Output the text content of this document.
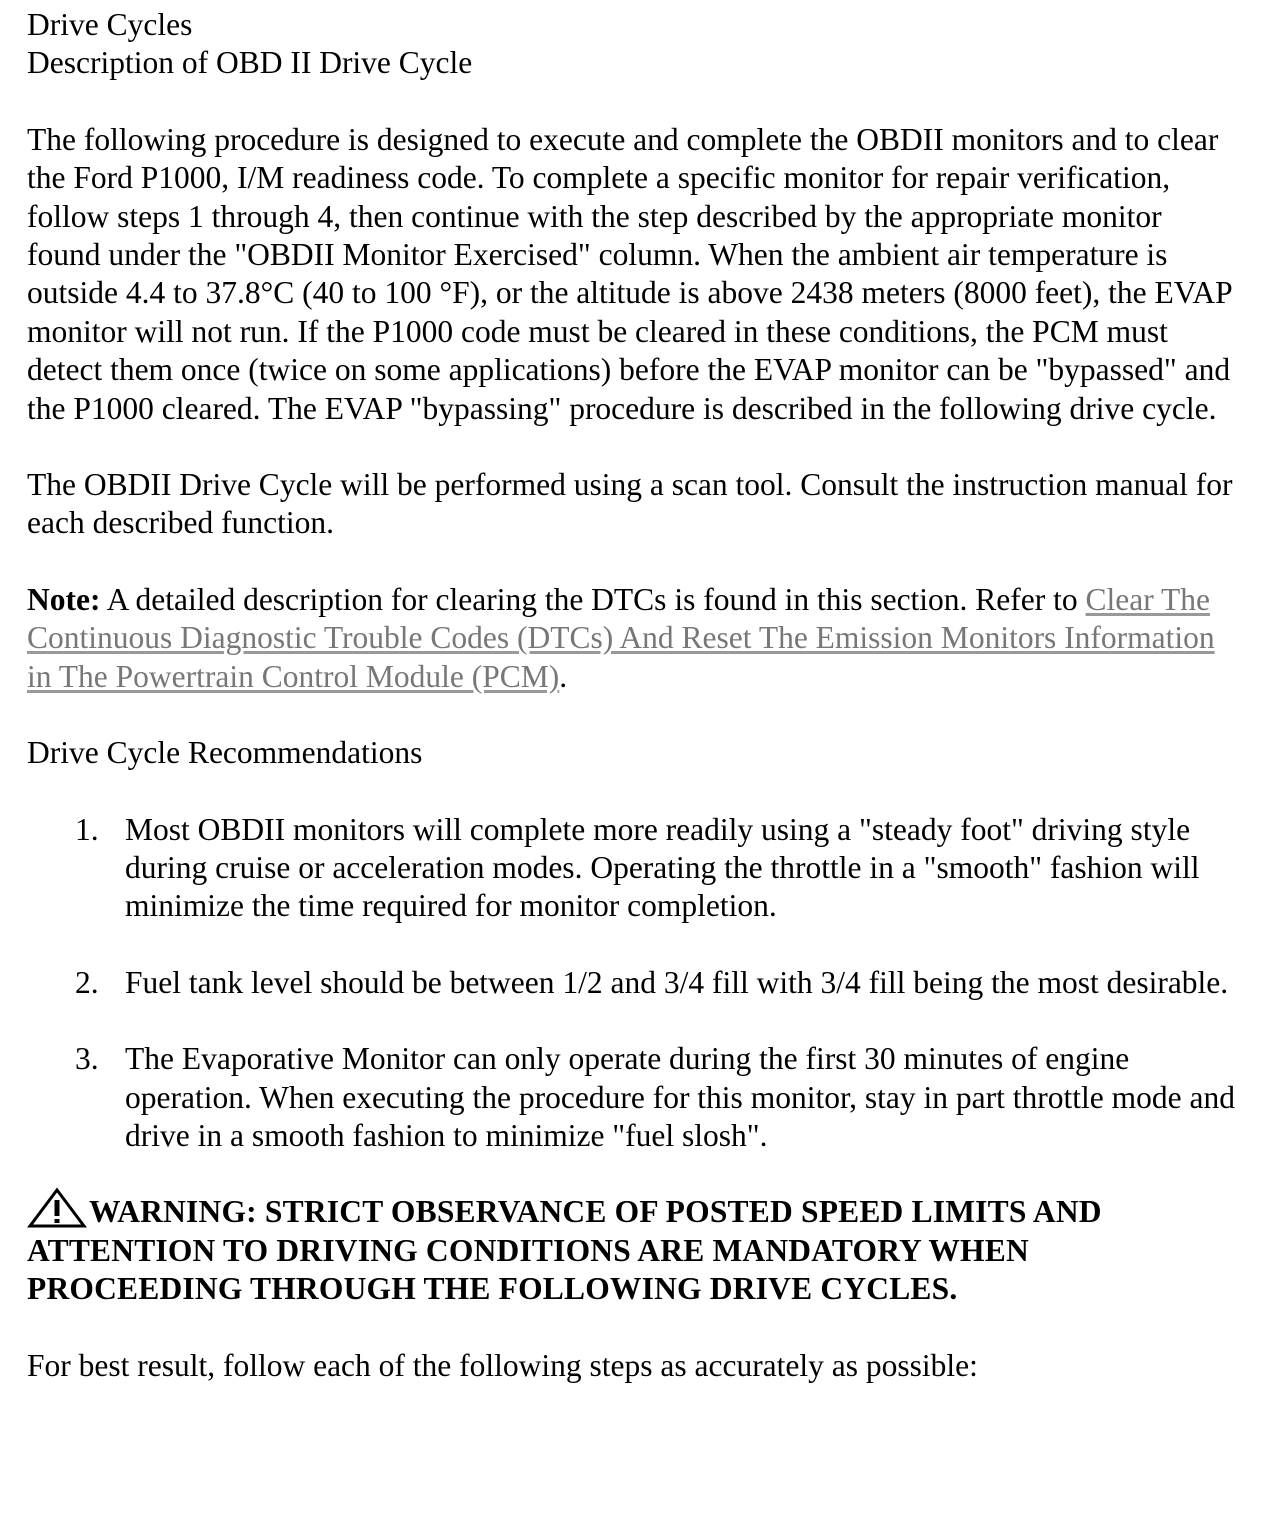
Drive Cycles

Description of OBD II Drive Cycle

The following procedure is designed to execute and complete the OBDII monitors and to clear the Ford P1000, I/M readiness code. To complete a specific monitor for repair verification, follow steps 1 through 4, then continue with the step described by the appropriate monitor found under the "OBDII Monitor Exercised" column. When the ambient air temperature is outside 4.4 to 37.8°C (40 to 100 °F), or the altitude is above 2438 meters (8000 feet), the EVAP monitor will not run. If the P1000 code must be cleared in these conditions, the PCM must detect them once (twice on some applications) before the EVAP monitor can be "bypassed" and the P1000 cleared. The EVAP "bypassing" procedure is described in the following drive cycle.

The OBDII Drive Cycle will be performed using a scan tool. Consult the instruction manual for each described function.

Note: A detailed description for clearing the DTCs is found in this section. Refer to Clear The Continuous Diagnostic Trouble Codes (DTCs) And Reset The Emission Monitors Information in The Powertrain Control Module (PCM).

Drive Cycle Recommendations

1. Most OBDII monitors will complete more readily using a "steady foot" driving style during cruise or acceleration modes. Operating the throttle in a "smooth" fashion will minimize the time required for monitor completion.
2. Fuel tank level should be between 1/2 and 3/4 fill with 3/4 fill being the most desirable.
3. The Evaporative Monitor can only operate during the first 30 minutes of engine operation. When executing the procedure for this monitor, stay in part throttle mode and drive in a smooth fashion to minimize "fuel slosh".

WARNING: STRICT OBSERVANCE OF POSTED SPEED LIMITS AND ATTENTION TO DRIVING CONDITIONS ARE MANDATORY WHEN PROCEEDING THROUGH THE FOLLOWING DRIVE CYCLES.

For best result, follow each of the following steps as accurately as possible:
